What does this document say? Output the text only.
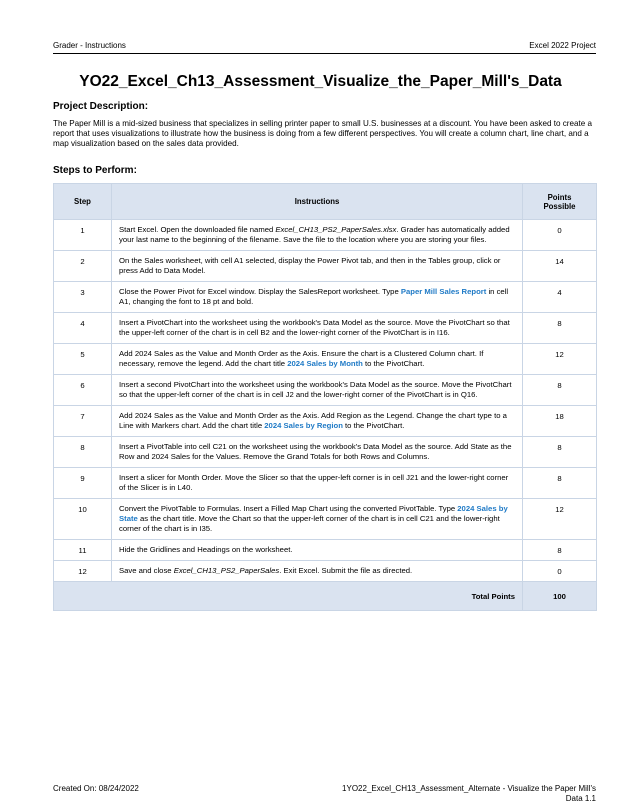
Grader - Instructions	Excel 2022 Project
YO22_Excel_Ch13_Assessment_Visualize_the_Paper_Mill's_Data
Project Description:
The Paper Mill is a mid-sized business that specializes in selling printer paper to small U.S. businesses at a discount. You have been asked to create a report that uses visualizations to illustrate how the business is doing from a few different perspectives. You will create a column chart, line chart, and a map visualization based on the sales data provided.
Steps to Perform:
Step	Instructions	Points Possible
1	Start Excel. Open the downloaded file named Excel_CH13_PS2_PaperSales.xlsx. Grader has automatically added your last name to the beginning of the filename. Save the file to the location where you are storing your files.	0
2	On the Sales worksheet, with cell A1 selected, display the Power Pivot tab, and then in the Tables group, click or press Add to Data Model.	14
3	Close the Power Pivot for Excel window. Display the SalesReport worksheet. Type Paper Mill Sales Report in cell A1, changing the font to 18 pt and bold.	4
4	Insert a PivotChart into the worksheet using the workbook's Data Model as the source. Move the PivotChart so that the upper-left corner of the chart is in cell B2 and the lower-right corner of the PivotChart is in I16.	8
5	Add 2024 Sales as the Value and Month Order as the Axis. Ensure the chart is a Clustered Column chart. If necessary, remove the legend. Add the chart title 2024 Sales by Month to the PivotChart.	12
6	Insert a second PivotChart into the worksheet using the workbook's Data Model as the source. Move the PivotChart so that the upper-left corner of the chart is in cell J2 and the lower-right corner of the PivotChart is in Q16.	8
7	Add 2024 Sales as the Value and Month Order as the Axis. Add Region as the Legend. Change the chart type to a Line with Markers chart. Add the chart title 2024 Sales by Region to the PivotChart.	18
8	Insert a PivotTable into cell C21 on the worksheet using the workbook's Data Model as the source. Add State as the Row and 2024 Sales for the Values. Remove the Grand Totals for both Rows and Columns.	8
9	Insert a slicer for Month Order. Move the Slicer so that the upper-left corner is in cell J21 and the lower-right corner of the Slicer is in L40.	8
10	Convert the PivotTable to Formulas. Insert a Filled Map Chart using the converted PivotTable. Type 2024 Sales by State as the chart title. Move the Chart so that the upper-left corner of the chart is in cell C21 and the lower-right corner of the chart is in I35.	12
11	Hide the Gridlines and Headings on the worksheet.	8
12	Save and close Excel_CH13_PS2_PaperSales. Exit Excel. Submit the file as directed.	0
Total Points		100
Created On: 08/24/2022	1YO22_Excel_CH13_Assessment_Alternate - Visualize the Paper Mill's
Data 1.1
